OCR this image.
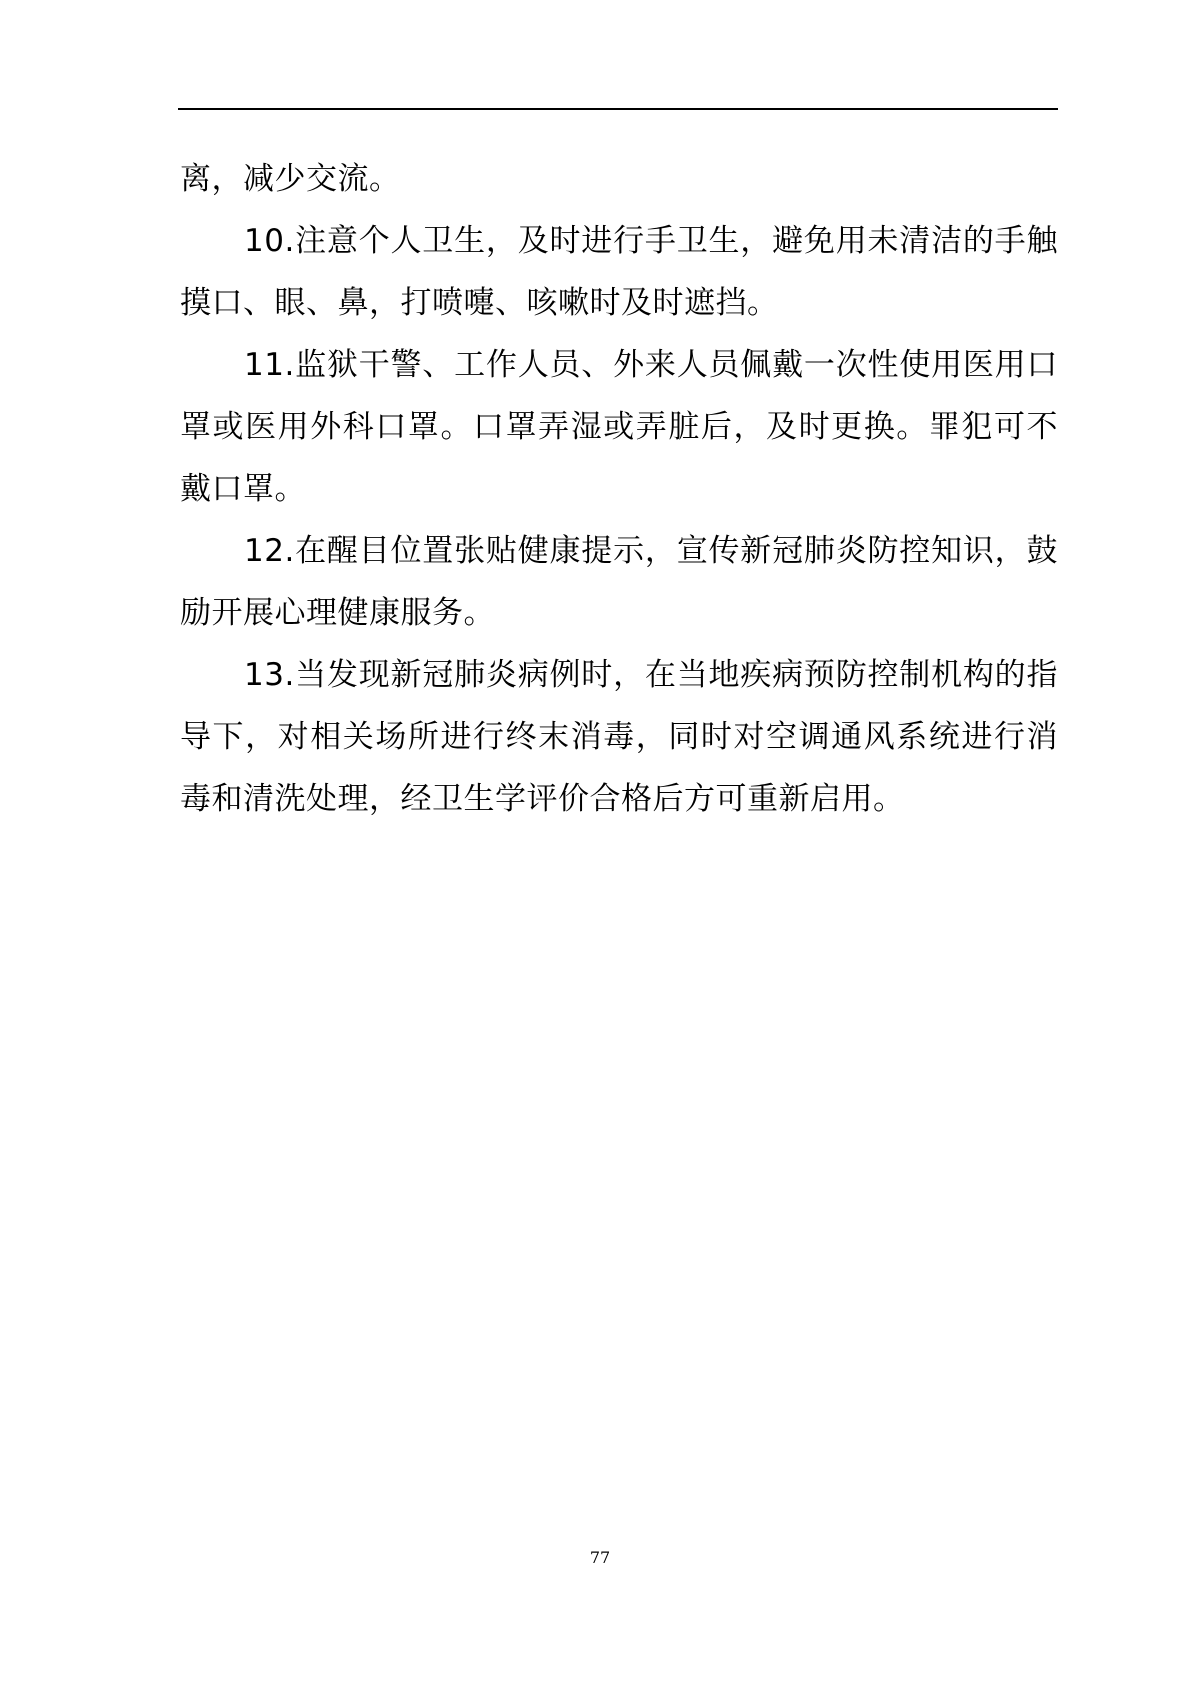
离，减少交流。

10.注意个人卫生，及时进行手卫生，避免用未清洁的手触摸口、眼、鼻，打喷嚏、咳嗽时及时遮挡。

11.监狱干警、工作人员、外来人员佩戴一次性使用医用口罩或医用外科口罩。口罩弄湿或弄脏后，及时更换。罪犯可不戴口罩。

12.在醒目位置张贴健康提示，宣传新冠肺炎防控知识，鼓励开展心理健康服务。

13.当发现新冠肺炎病例时，在当地疾病预防控制机构的指导下，对相关场所进行终末消毒，同时对空调通风系统进行消毒和清洗处理，经卫生学评价合格后方可重新启用。

77
